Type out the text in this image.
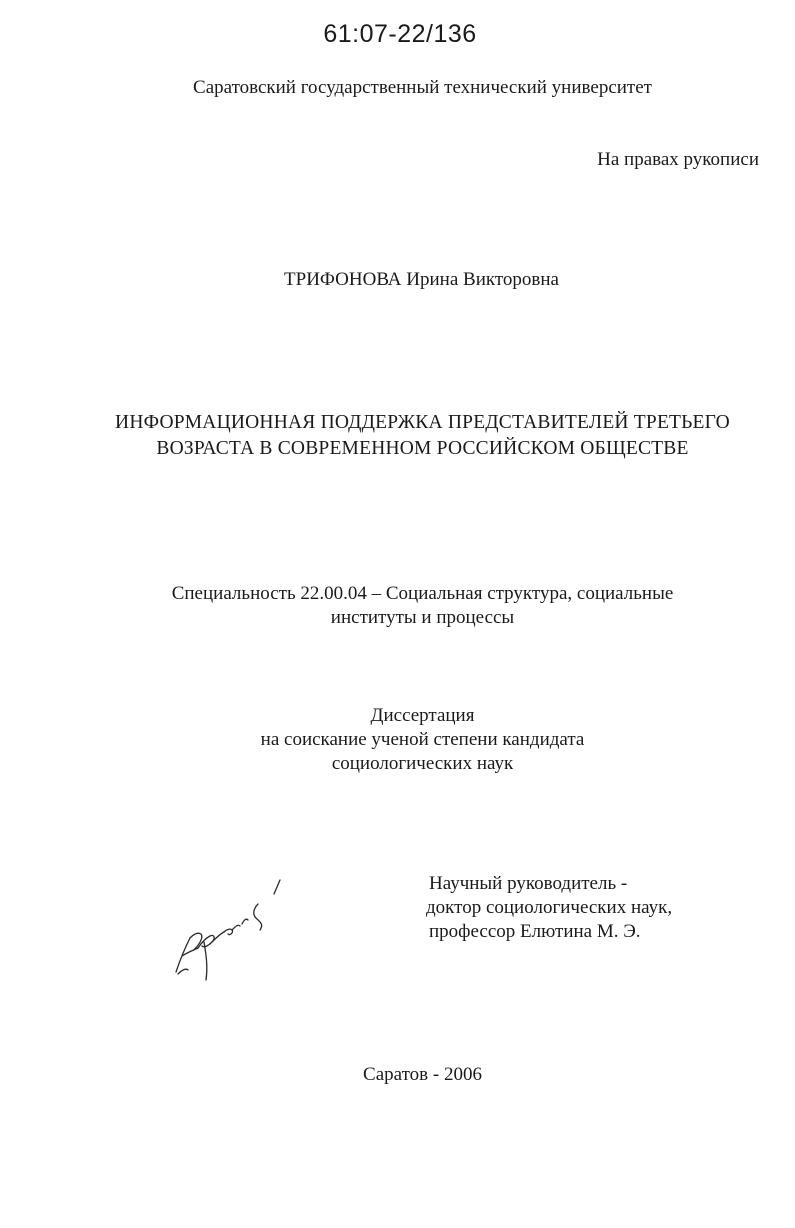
61:07-22/136
Саратовский государственный технический университет
На правах рукописи
ТРИФОНОВА Ирина Викторовна
ИНФОРМАЦИОННАЯ ПОДДЕРЖКА ПРЕДСТАВИТЕЛЕЙ ТРЕТЬЕГО
ВОЗРАСТА В СОВРЕМЕННОМ РОССИЙСКОМ ОБЩЕСТВЕ
Специальность 22.00.04 – Социальная структура, социальные
институты и процессы
Диссертация
на соискание ученой степени кандидата
социологических наук
Научный руководитель -
доктор социологических наук,
профессор Елютина М. Э.
Саратов - 2006
